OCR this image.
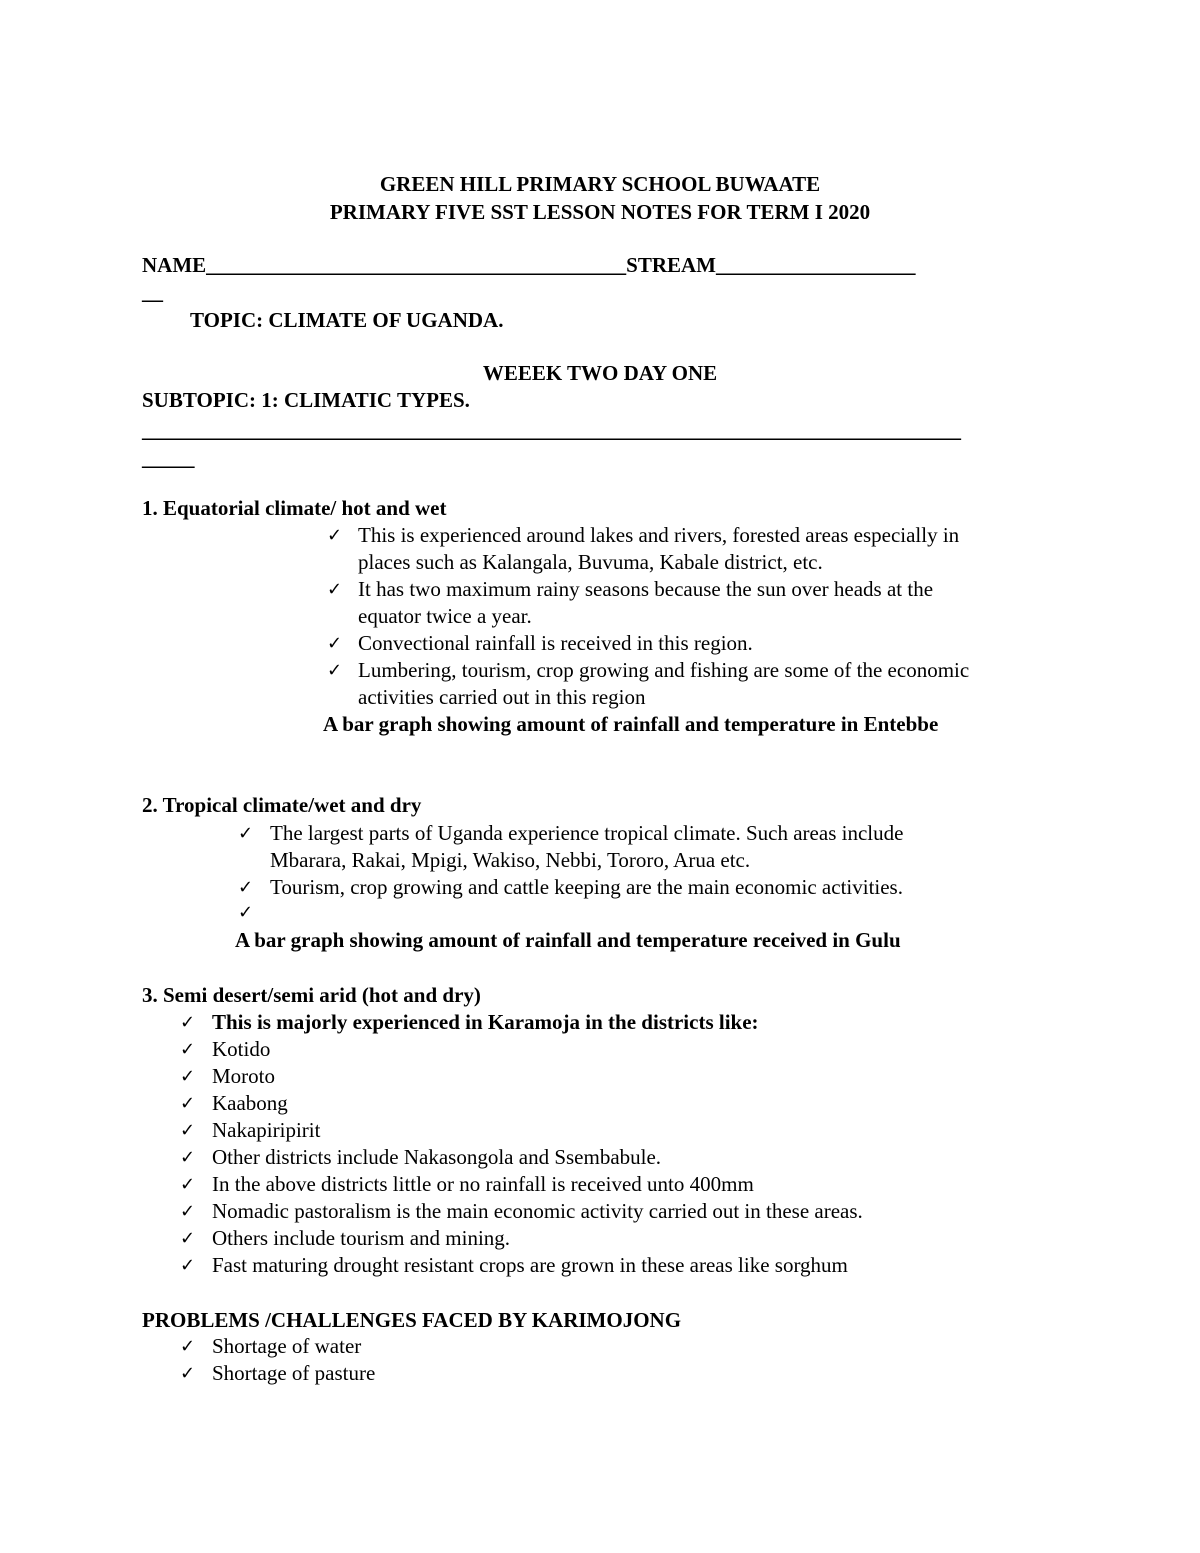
GREEN HILL PRIMARY SCHOOL BUWAATE
PRIMARY FIVE SST LESSON NOTES FOR TERM I 2020
NAME________________________________________STREAM___________________
__
TOPIC: CLIMATE OF UGANDA.
WEEEK TWO DAY ONE
SUBTOPIC: 1: CLIMATIC TYPES.
______________________________________________________________________________
_____
1. Equatorial climate/ hot and wet
✓ This is experienced around lakes and rivers, forested areas especially in
places such as Kalangala, Buvuma, Kabale district, etc.
✓ It has two maximum rainy seasons because the sun over heads at the
equator twice a year.
✓ Convectional rainfall is received in this region.
✓ Lumbering, tourism, crop growing and fishing are some of the economic
activities carried out in this region
A bar graph showing amount of rainfall and temperature in Entebbe
2. Tropical climate/wet and dry
✓ The largest parts of Uganda experience tropical climate. Such areas include
Mbarara, Rakai, Mpigi, Wakiso, Nebbi, Tororo, Arua etc.
✓ Tourism, crop growing and cattle keeping are the main economic activities.
✓
A bar graph showing amount of rainfall and temperature received in Gulu
3. Semi desert/semi arid (hot and dry)
✓ This is majorly experienced in Karamoja in the districts like:
✓ Kotido
✓ Moroto
✓ Kaabong
✓ Nakapiripirit
✓ Other districts include Nakasongola and Ssembabule.
✓ In the above districts little or no rainfall is received unto 400mm
✓ Nomadic pastoralism is the main economic activity carried out in these areas.
✓ Others include tourism and mining.
✓ Fast maturing drought resistant crops are grown in these areas like sorghum
PROBLEMS /CHALLENGES FACED BY KARIMOJONG
✓ Shortage of water
✓ Shortage of pasture
